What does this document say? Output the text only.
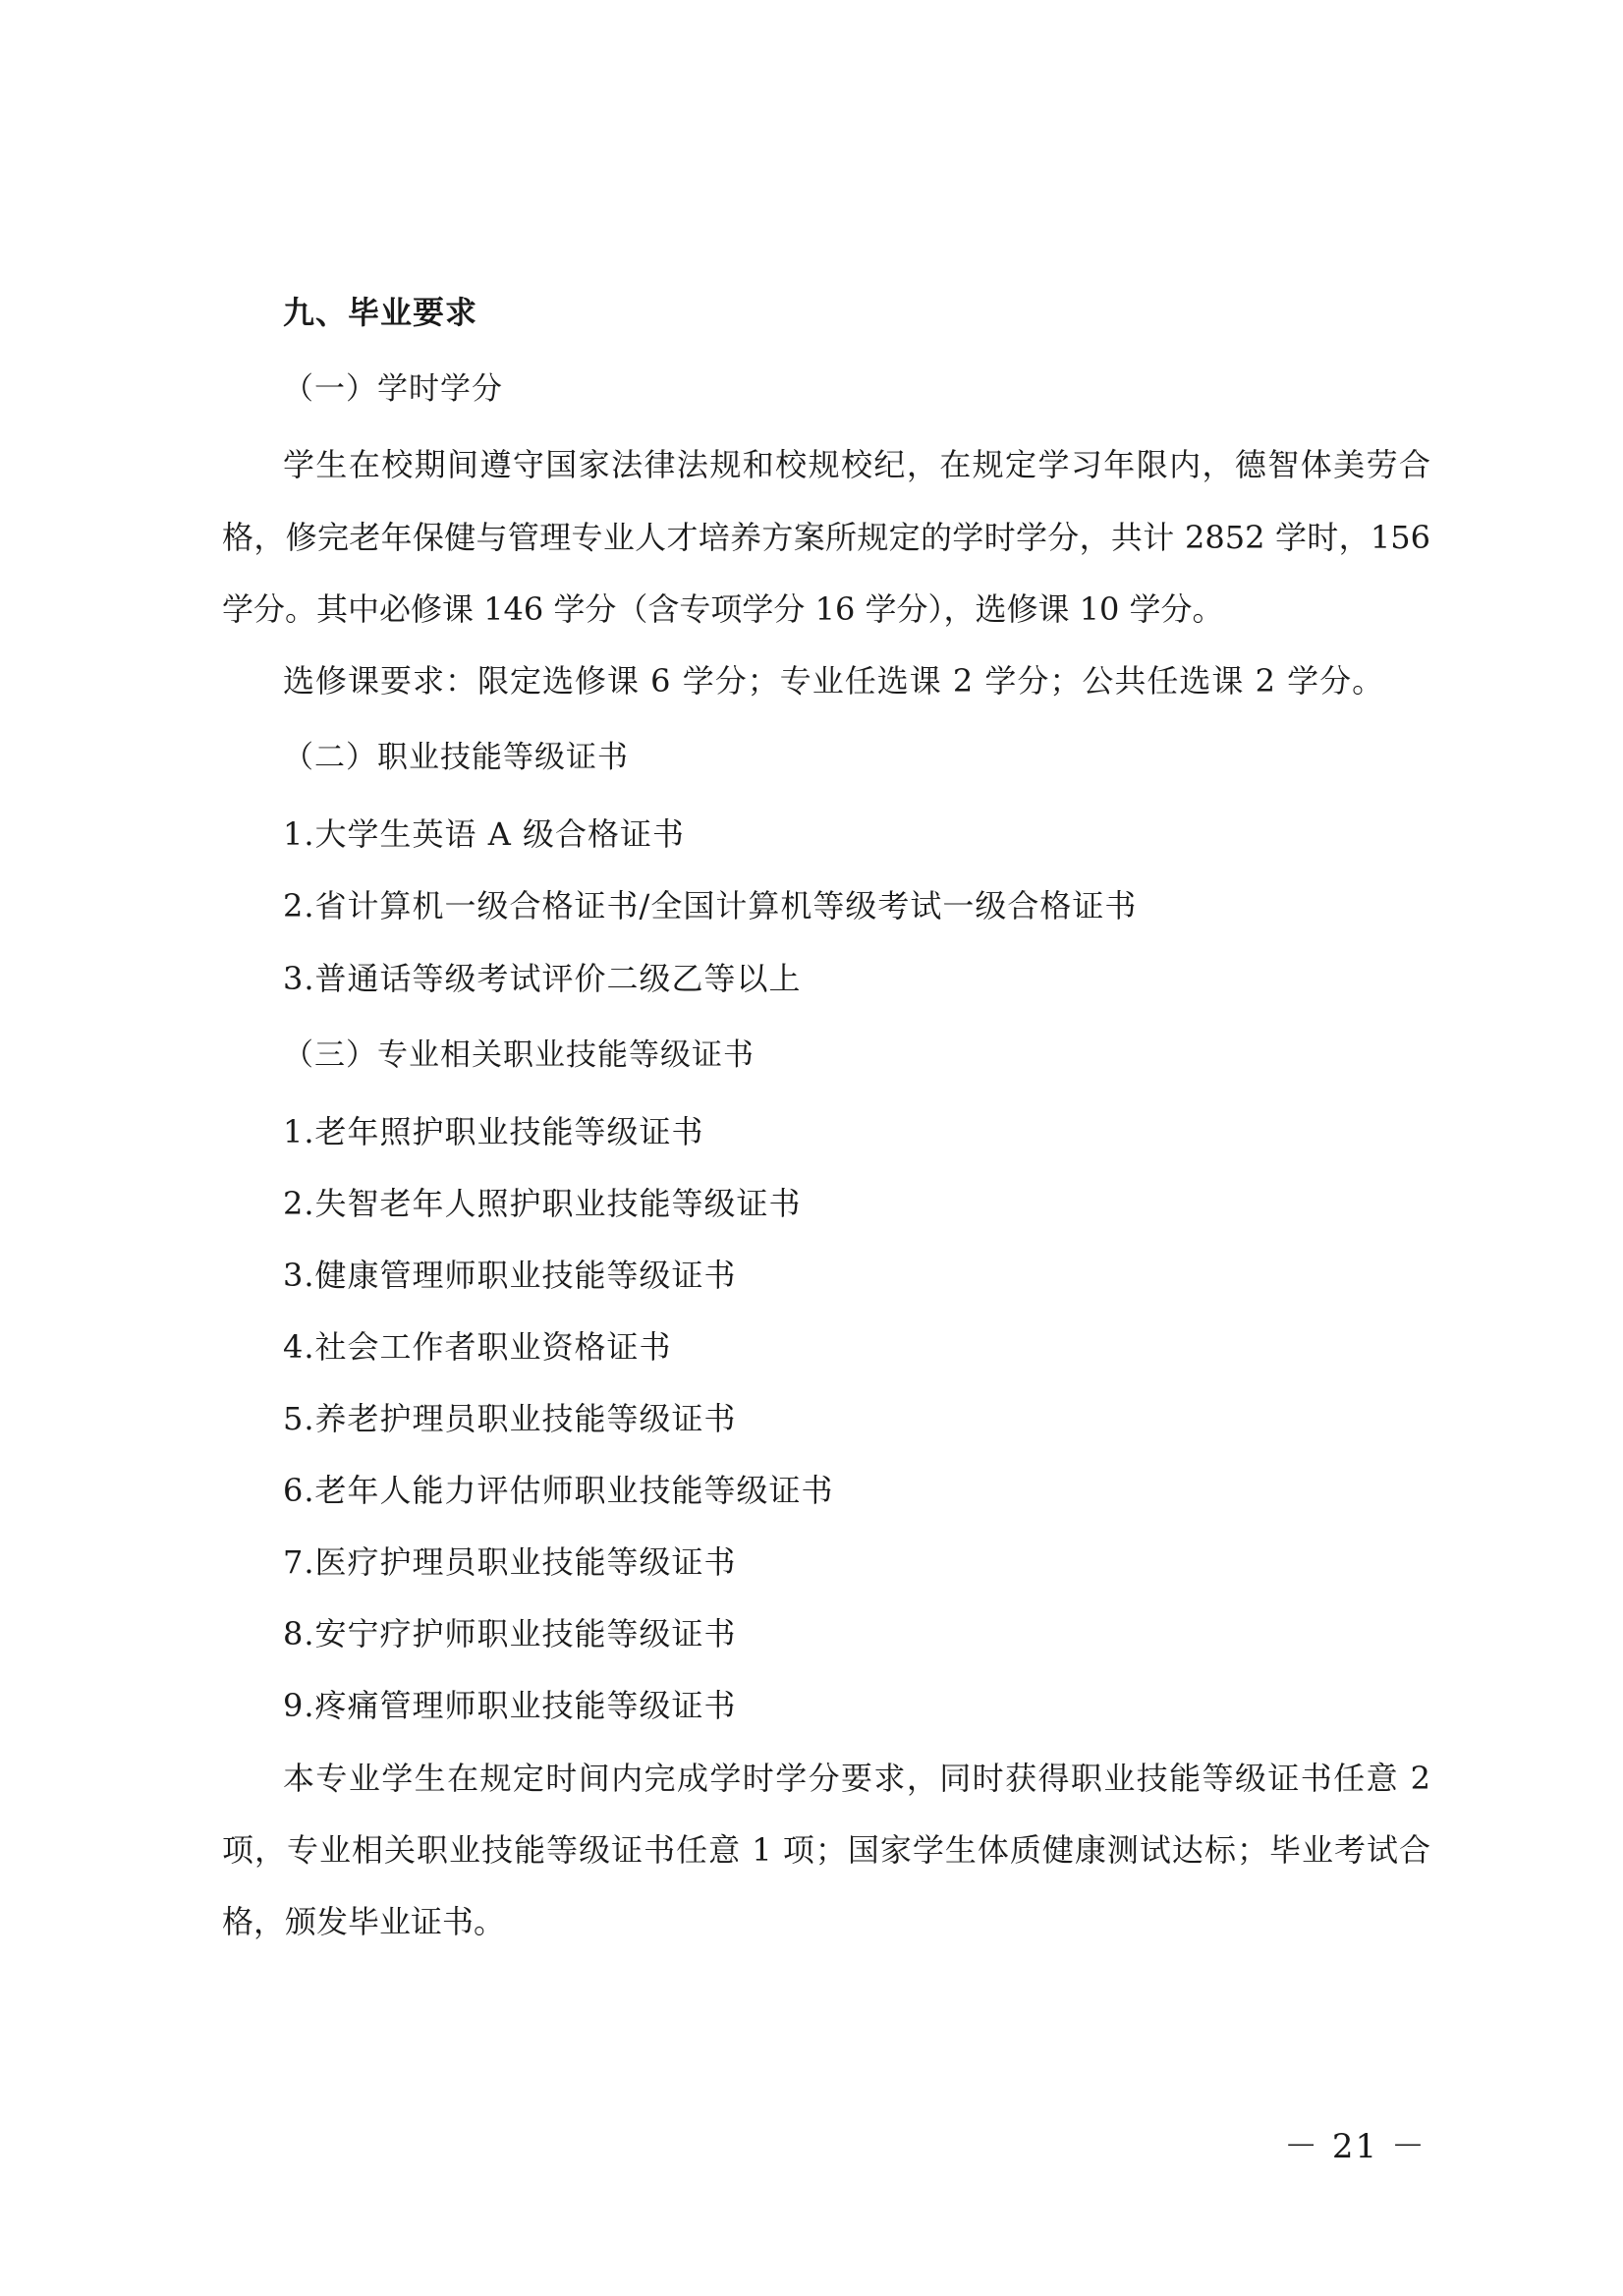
九、毕业要求
（一）学时学分
学生在校期间遵守国家法律法规和校规校纪，在规定学习年限内，德智体美劳合
格，修完老年保健与管理专业人才培养方案所规定的学时学分，共计 2852 学时，156
学分。其中必修课 146 学分（含专项学分 16 学分），选修课 10 学分。
选修课要求：限定选修课 6 学分；专业任选课 2 学分；公共任选课 2 学分。
（二）职业技能等级证书
1.大学生英语 A 级合格证书
2.省计算机一级合格证书/全国计算机等级考试一级合格证书
3.普通话等级考试评价二级乙等以上
（三）专业相关职业技能等级证书
1.老年照护职业技能等级证书
2.失智老年人照护职业技能等级证书
3.健康管理师职业技能等级证书
4.社会工作者职业资格证书
5.养老护理员职业技能等级证书
6.老年人能力评估师职业技能等级证书
7.医疗护理员职业技能等级证书
8.安宁疗护师职业技能等级证书
9.疼痛管理师职业技能等级证书
本专业学生在规定时间内完成学时学分要求，同时获得职业技能等级证书任意 2
项，专业相关职业技能等级证书任意 1 项；国家学生体质健康测试达标；毕业考试合
格，颁发毕业证书。
－ 21 －
